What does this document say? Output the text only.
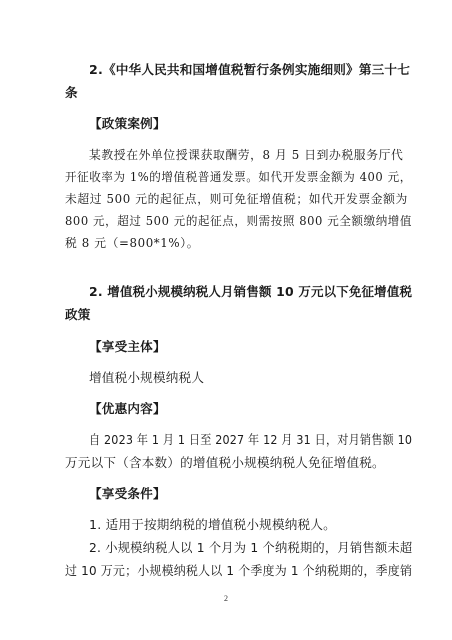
2.《中华人民共和国增值税暂行条例实施细则》第三十七
条
【政策案例】
某教授在外单位授课获取酬劳，8 月 5 日到办税服务厅代
开征收率为 1%的增值税普通发票。如代开发票金额为 400 元，
未超过 500 元的起征点，则可免征增值税；如代开发票金额为
800 元，超过 500 元的起征点，则需按照 800 元全额缴纳增值
税 8 元（=800*1%）。
2. 增值税小规模纳税人月销售额 10 万元以下免征增值税
政策
【享受主体】
增值税小规模纳税人
【优惠内容】
自 2023 年 1 月 1 日至 2027 年 12 月 31 日，对月销售额 10
万元以下（含本数）的增值税小规模纳税人免征增值税。
【享受条件】
1. 适用于按期纳税的增值税小规模纳税人。
2. 小规模纳税人以 1 个月为 1 个纳税期的，月销售额未超
过 10 万元；小规模纳税人以 1 个季度为 1 个纳税期的，季度销
2
